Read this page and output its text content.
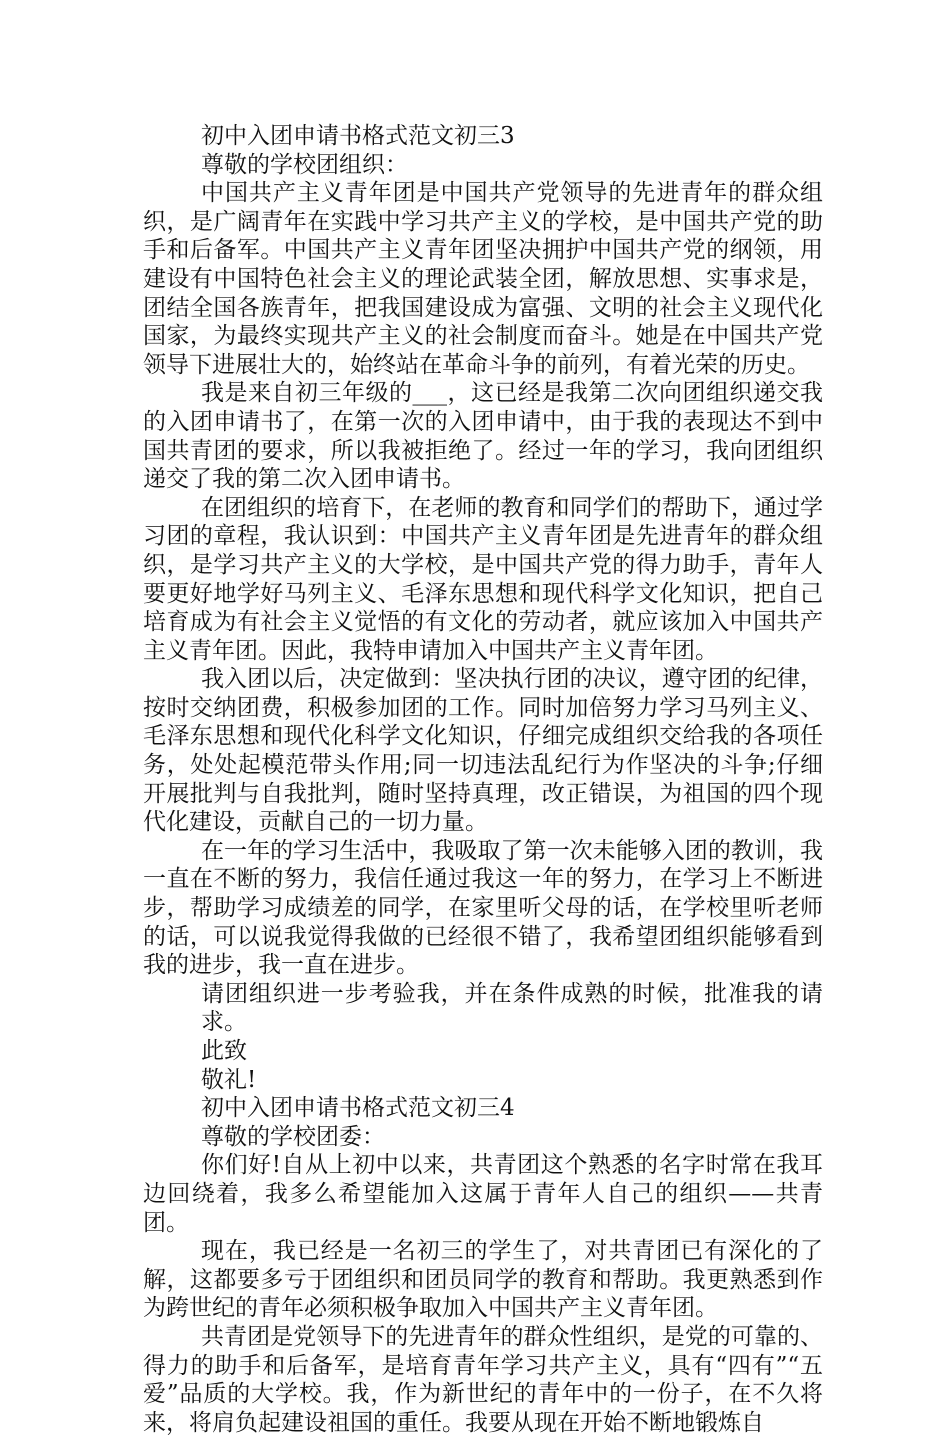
初中入团申请书格式范文初三3

尊敬的学校团组织：

中国共产主义青年团是中国共产党领导的先进青年的群众组织，是广阔青年在实践中学习共产主义的学校，是中国共产党的助手和后备军。中国共产主义青年团坚决拥护中国共产党的纲领，用建设有中国特色社会主义的理论武装全团，解放思想、实事求是，团结全国各族青年，把我国建设成为富强、文明的社会主义现代化国家，为最终实现共产主义的社会制度而奋斗。她是在中国共产党领导下进展壮大的，始终站在革命斗争的前列，有着光荣的历史。

我是来自初三年级的___，这已经是我第二次向团组织递交我的入团申请书了，在第一次的入团申请中，由于我的表现达不到中国共青团的要求，所以我被拒绝了。经过一年的学习，我向团组织递交了我的第二次入团申请书。

在团组织的培育下，在老师的教育和同学们的帮助下，通过学习团的章程，我认识到：中国共产主义青年团是先进青年的群众组织，是学习共产主义的大学校，是中国共产党的得力助手，青年人要更好地学好马列主义、毛泽东思想和现代科学文化知识，把自己培育成为有社会主义觉悟的有文化的劳动者，就应该加入中国共产主义青年团。因此，我特申请加入中国共产主义青年团。

我入团以后，决定做到：坚决执行团的决议，遵守团的纪律，按时交纳团费，积极参加团的工作。同时加倍努力学习马列主义、毛泽东思想和现代化科学文化知识，仔细完成组织交给我的各项任务，处处起模范带头作用;同一切违法乱纪行为作坚决的斗争;仔细开展批判与自我批判，随时坚持真理，改正错误，为祖国的四个现代化建设，贡献自己的一切力量。

在一年的学习生活中，我吸取了第一次未能够入团的教训，我一直在不断的努力，我信任通过我这一年的努力，在学习上不断进步，帮助学习成绩差的同学，在家里听父母的话，在学校里听老师的话，可以说我觉得我做的已经很不错了，我希望团组织能够看到我的进步，我一直在进步。

请团组织进一步考验我，并在条件成熟的时候，批准我的请求。

此致

敬礼!

初中入团申请书格式范文初三4

尊敬的学校团委：

你们好!自从上初中以来，共青团这个熟悉的名字时常在我耳边回绕着，我多么希望能加入这属于青年人自己的组织——共青团。

现在，我已经是一名初三的学生了，对共青团已有深化的了解，这都要多亏于团组织和团员同学的教育和帮助。我更熟悉到作为跨世纪的青年必须积极争取加入中国共产主义青年团。

共青团是党领导下的先进青年的群众性组织，是党的可靠的、得力的助手和后备军，是培育青年学习共产主义，具有“四有”“五爱”品质的大学校。我，作为新世纪的青年中的一份子，在不久将来，将肩负起建设祖国的重任。我要从现在开始不断地锻炼自
